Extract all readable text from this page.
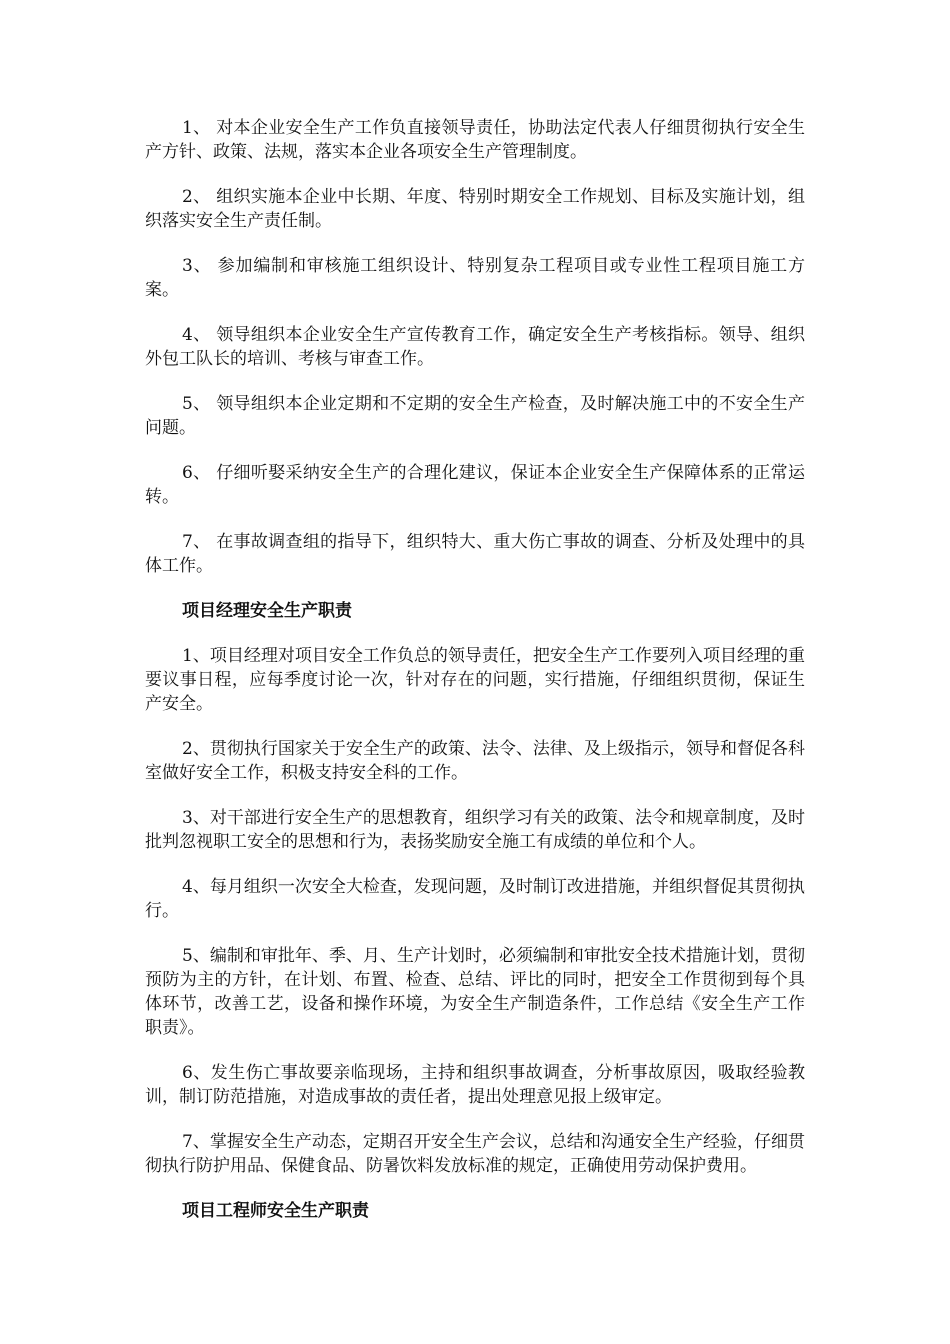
1、 对本企业安全生产工作负直接领导责任，协助法定代表人仔细贯彻执行安全生产方针、政策、法规，落实本企业各项安全生产管理制度。

2、 组织实施本企业中长期、年度、特别时期安全工作规划、目标及实施计划，组织落实安全生产责任制。

3、 参加编制和审核施工组织设计、特别复杂工程项目或专业性工程项目施工方案。

4、 领导组织本企业安全生产宣传教育工作，确定安全生产考核指标。领导、组织外包工队长的培训、考核与审查工作。

5、 领导组织本企业定期和不定期的安全生产检查，及时解决施工中的不安全生产问题。

6、 仔细听娶采纳安全生产的合理化建议，保证本企业安全生产保障体系的正常运转。

7、 在事故调查组的指导下，组织特大、重大伤亡事故的调查、分析及处理中的具体工作。

项目经理安全生产职责

1、项目经理对项目安全工作负总的领导责任，把安全生产工作要列入项目经理的重要议事日程，应每季度讨论一次，针对存在的问题，实行措施，仔细组织贯彻，保证生产安全。

2、贯彻执行国家关于安全生产的政策、法令、法律、及上级指示，领导和督促各科室做好安全工作，积极支持安全科的工作。

3、对干部进行安全生产的思想教育，组织学习有关的政策、法令和规章制度，及时批判忽视职工安全的思想和行为，表扬奖励安全施工有成绩的单位和个人。

4、每月组织一次安全大检查，发现问题，及时制订改进措施，并组织督促其贯彻执行。

5、编制和审批年、季、月、生产计划时，必须编制和审批安全技术措施计划，贯彻预防为主的方针，在计划、布置、检查、总结、评比的同时，把安全工作贯彻到每个具体环节，改善工艺，设备和操作环境，为安全生产制造条件，工作总结《安全生产工作职责》。

6、发生伤亡事故要亲临现场，主持和组织事故调查，分析事故原因，吸取经验教训，制订防范措施，对造成事故的责任者，提出处理意见报上级审定。

7、掌握安全生产动态，定期召开安全生产会议，总结和沟通安全生产经验，仔细贯彻执行防护用品、保健食品、防暑饮料发放标准的规定，正确使用劳动保护费用。

项目工程师安全生产职责
